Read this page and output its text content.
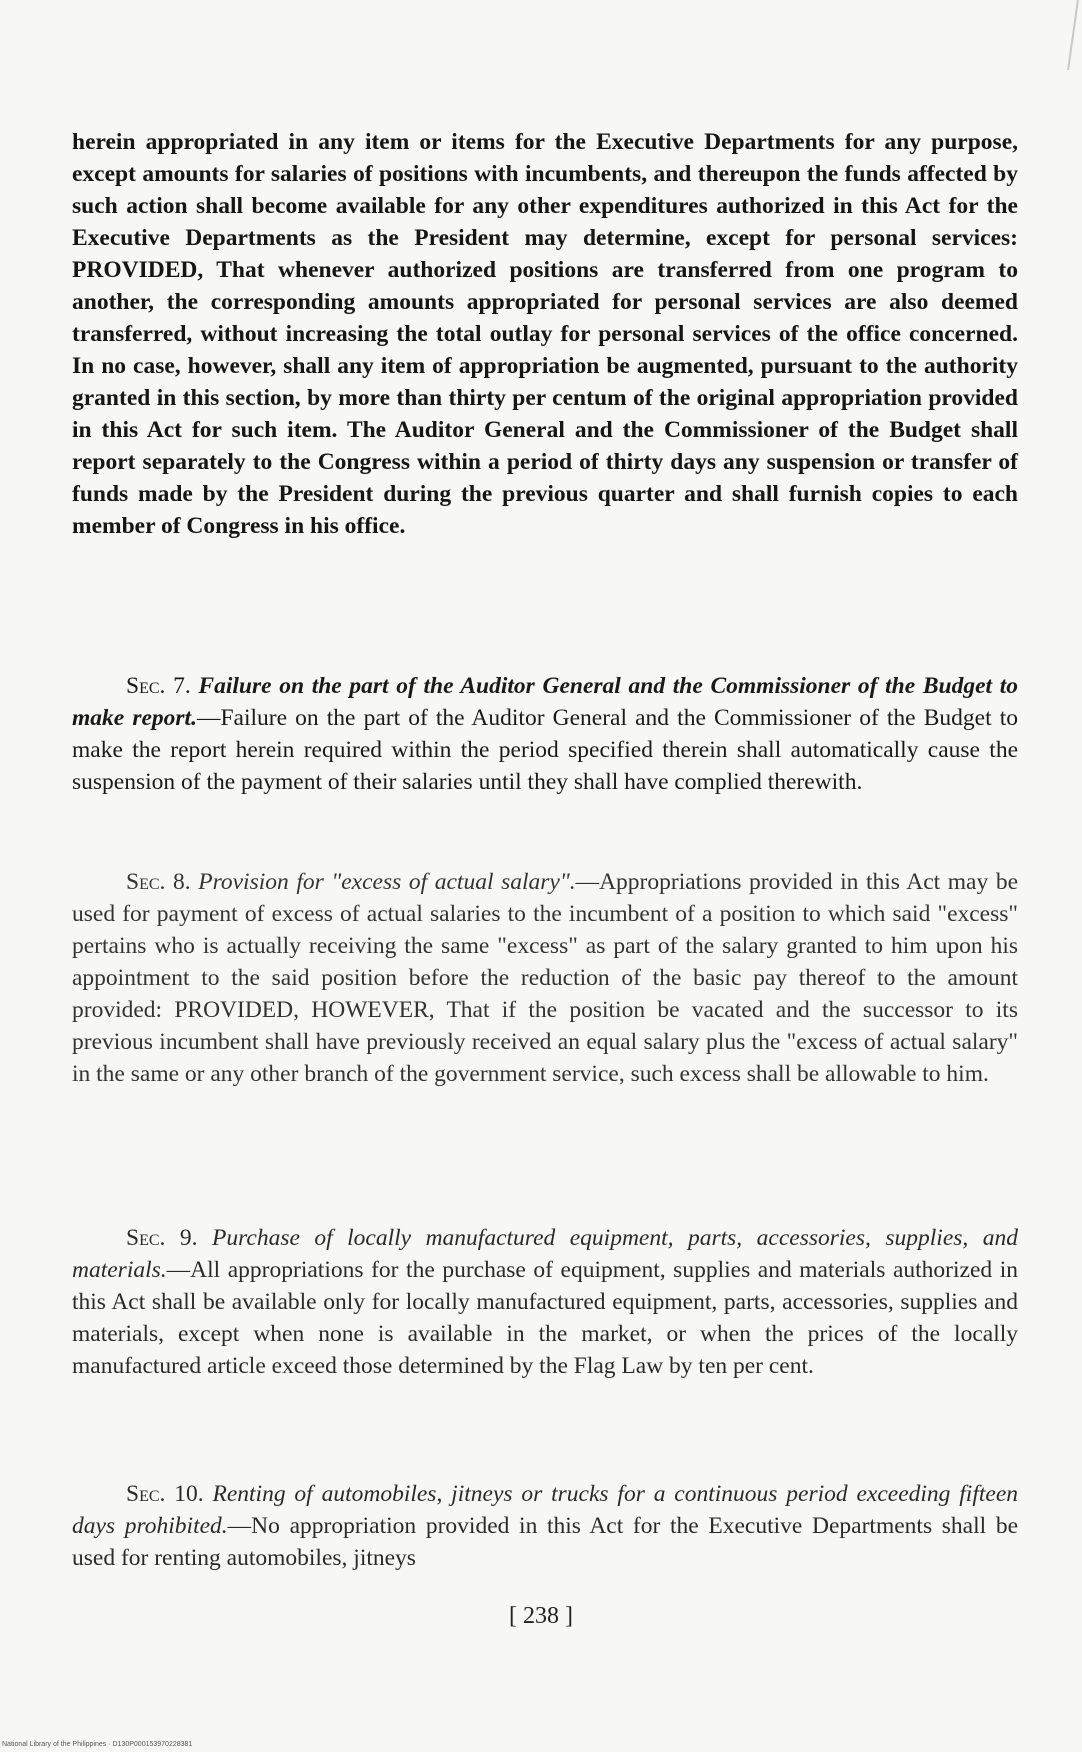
herein appropriated in any item or items for the Executive Departments for any purpose, except amounts for salaries of positions with incumbents, and thereupon the funds affected by such action shall become available for any other expenditures authorized in this Act for the Executive Departments as the President may determine, except for personal services: PROVIDED, That whenever authorized positions are transferred from one program to another, the corresponding amounts appropriated for personal services are also deemed transferred, without increasing the total outlay for personal services of the office concerned. In no case, however, shall any item of appropriation be augmented, pursuant to the authority granted in this section, by more than thirty per centum of the original appropriation provided in this Act for such item. The Auditor General and the Commissioner of the Budget shall report separately to the Congress within a period of thirty days any suspension or transfer of funds made by the President during the previous quarter and shall furnish copies to each member of Congress in his office.

Sec. 7. Failure on the part of the Auditor General and the Commissioner of the Budget to make report.—Failure on the part of the Auditor General and the Commissioner of the Budget to make the report herein required within the period specified therein shall automatically cause the suspension of the payment of their salaries until they shall have complied therewith.

Sec. 8. Provision for "excess of actual salary".—Appropriations provided in this Act may be used for payment of excess of actual salaries to the incumbent of a position to which said "excess" pertains who is actually receiving the same "excess" as part of the salary granted to him upon his appointment to the said position before the reduction of the basic pay thereof to the amount provided: PROVIDED, HOWEVER, That if the position be vacated and the successor to its previous incumbent shall have previously received an equal salary plus the "excess of actual salary" in the same or any other branch of the government service, such excess shall be allowable to him.

Sec. 9. Purchase of locally manufactured equipment, parts, accessories, supplies, and materials.—All appropriations for the purchase of equipment, supplies and materials authorized in this Act shall be available only for locally manufactured equipment, parts, accessories, supplies and materials, except when none is available in the market, or when the prices of the locally manufactured article exceed those determined by the Flag Law by ten per cent.

Sec. 10. Renting of automobiles, jitneys or trucks for a continuous period exceeding fifteen days prohibited.—No appropriation provided in this Act for the Executive Departments shall be used for renting automobiles, jitneys

[ 238 ]
National Library of the Philippines · D130P000153970228381
